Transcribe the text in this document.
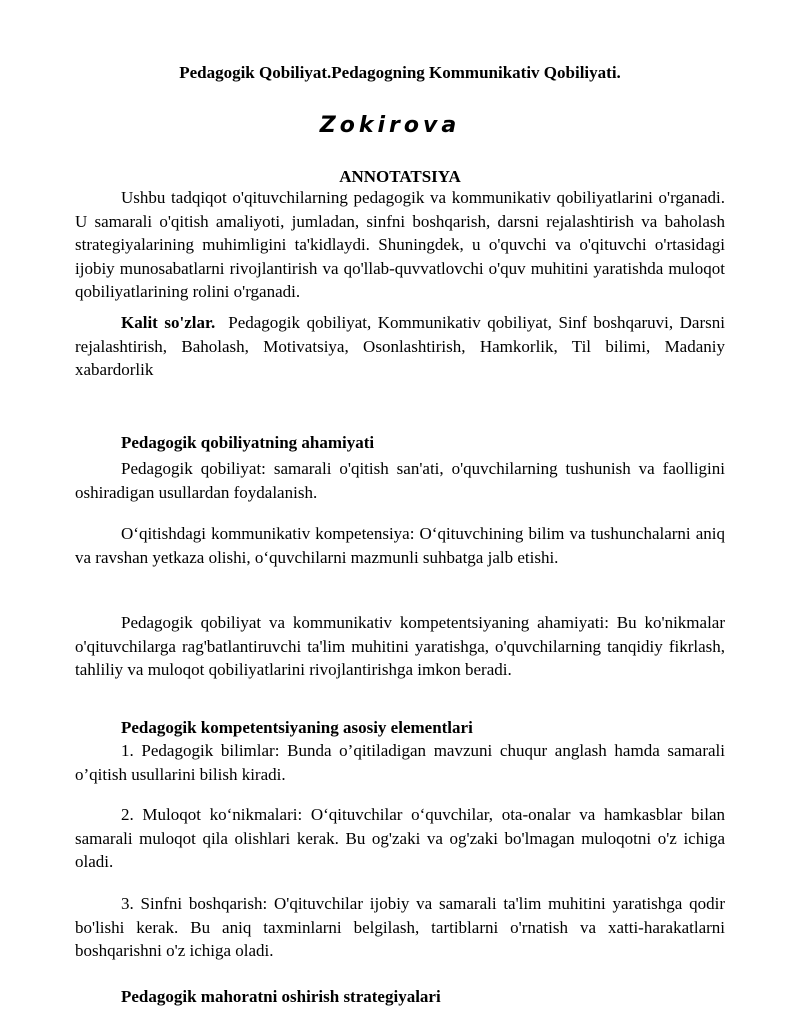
Pedagogik Qobiliyat.Pedagogning Kommunikativ Qobiliyati.
Zokirova
ANNOTATSIYA
Ushbu tadqiqot o'qituvchilarning pedagogik va kommunikativ qobiliyatlarini o'rganadi. U samarali o'qitish amaliyoti, jumladan, sinfni boshqarish, darsni rejalashtirish va baholash strategiyalarining muhimligini ta'kidlaydi. Shuningdek, u o'quvchi va o'qituvchi o'rtasidagi ijobiy munosabatlarni rivojlantirish va qo'llab-quvvatlovchi o'quv muhitini yaratishda muloqot qobiliyatlarining rolini o'rganadi.
Kalit so'zlar. Pedagogik qobiliyat, Kommunikativ qobiliyat, Sinf boshqaruvi, Darsni rejalashtirish, Baholash, Motivatsiya, Osonlashtirish, Hamkorlik, Til bilimi, Madaniy xabardorlik
Pedagogik qobiliyatning ahamiyati
Pedagogik qobiliyat: samarali o'qitish san'ati, o'quvchilarning tushunish va faolligini oshiradigan usullardan foydalanish.
O‘qitishdagi kommunikativ kompetensiya: O‘qituvchining bilim va tushunchalarni aniq va ravshan yetkaza olishi, o‘quvchilarni mazmunli suhbatga jalb etishi.
Pedagogik qobiliyat va kommunikativ kompetentsiyaning ahamiyati: Bu ko'nikmalar o'qituvchilarga rag'batlantiruvchi ta'lim muhitini yaratishga, o'quvchilarning tanqidiy fikrlash, tahliliy va muloqot qobiliyatlarini rivojlantirishga imkon beradi.
Pedagogik kompetentsiyaning asosiy elementlari
1. Pedagogik bilimlar: Bunda o’qitiladigan mavzuni chuqur anglash hamda samarali o’qitish usullarini bilish kiradi.
2. Muloqot ko‘nikmalari: O‘qituvchilar o‘quvchilar, ota-onalar va hamkasblar bilan samarali muloqot qila olishlari kerak. Bu og'zaki va og'zaki bo'lmagan muloqotni o'z ichiga oladi.
3. Sinfni boshqarish: O'qituvchilar ijobiy va samarali ta'lim muhitini yaratishga qodir bo'lishi kerak. Bu aniq taxminlarni belgilash, tartiblarni o'rnatish va xatti-harakatlarni boshqarishni o'z ichiga oladi.
Pedagogik mahoratni oshirish strategiyalari
